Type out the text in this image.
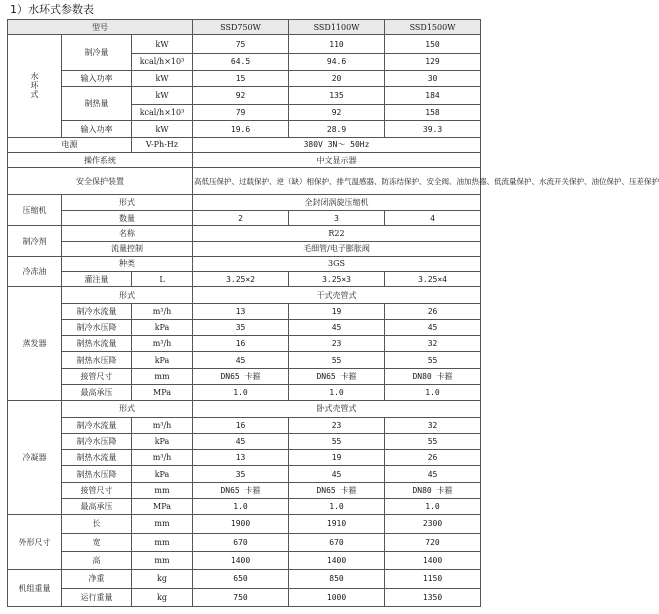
1）水环式参数表
型号			SSD750W	SSD1100W	SSD1500W
水环式	制冷量	kW	75	110	150
		kcal/h×10³	64.5	94.6	129
	输入功率	kW	15	20	30
	制热量	kW	92	135	184
		kcal/h×10³	79	92	158
	输入功率	kW	19.6	28.9	39.3
电源		V-Ph-Hz	380V 3N～ 50Hz		
操作系统			中文显示器		
安全保护装置			高低压保护、过载保护、逆（缺）相保护、排气温感器、防冻结保护、安全阀、油加热器、低流量保护、水流开关保护、油位保护、压差保护		
压缩机	形式		全封闭涡旋压缩机		
	数量		2	3	4
制冷剂	名称		R22		
	流量控制		毛细管/电子膨胀阀		
冷冻油	种类		3GS		
	灌注量	L	3.25×2	3.25×3	3.25×4
蒸发器	形式		干式壳管式		
	制冷水流量	m³/h	13	19	26
	制冷水压降	kPa	35	45	45
	制热水流量	m³/h	16	23	32
	制热水压降	kPa	45	55	55
	接管尺寸	mm	DN65 卡箍	DN65 卡箍	DN80 卡箍
	最高承压	MPa	1.0	1.0	1.0
冷凝器	形式		卧式壳管式		
	制冷水流量	m³/h	16	23	32
	制冷水压降	kPa	45	55	55
	制热水流量	m³/h	13	19	26
	制热水压降	kPa	35	45	45
	接管尺寸	mm	DN65 卡箍	DN65 卡箍	DN80 卡箍
	最高承压	MPa	1.0	1.0	1.0
外形尺寸	长	mm	1900	1910	2300
	宽	mm	670	670	720
	高	mm	1400	1400	1400
机组重量	净重	kg	650	850	1150
	运行重量	kg	750	1000	1350
